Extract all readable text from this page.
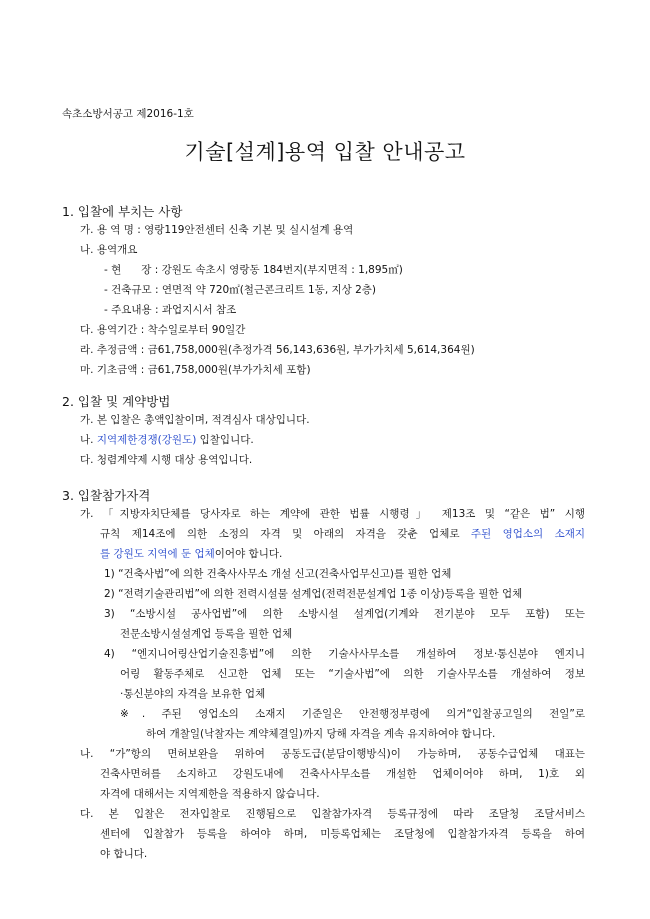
속초소방서공고 제2016-1호
기술[설계]용역 입찰 안내공고
1. 입찰에 부치는 사항
가. 용 역 명 : 영랑119안전센터 신축 기본 및 실시설계 용역
나. 용역개요
- 현      장 : 강원도 속초시 영랑동 184번지(부지면적 : 1,895㎡)
- 건축규모 : 연면적 약 720㎡(철근콘크리트 1동, 지상 2층)
- 주요내용 : 과업지시서 참조
다. 용역기간 : 착수일로부터 90일간
라. 추정금액 : 금61,758,000원(추정가격 56,143,636원, 부가가치세 5,614,364원)
마. 기초금액 : 금61,758,000원(부가가치세 포함)
2. 입찰 및 계약방법
가. 본 입찰은 총액입찰이며, 적격심사 대상입니다.
나. 지역제한경쟁(강원도) 입찰입니다.
다. 청렴계약제 시행 대상 용역입니다.
3. 입찰참가자격
가. 「지방자치단체를 당사자로 하는 계약에 관한 법률 시행령」 제13조 및 “같은 법” 시행
규칙 제14조에 의한 소정의 자격 및 아래의 자격을 갖춘 업체로 주된 영업소의 소재지
를 강원도 지역에 둔 업체이어야 합니다.
1) “건축사법”에 의한 건축사사무소 개설 신고(건축사업무신고)를 필한 업체
2) “전력기술관리법”에 의한 전력시설물 설계업(전력전문설계업 1종 이상)등록을 필한 업체
3) “소방시설 공사업법”에 의한 소방시설 설계업(기계와 전기분야 모두 포함) 또는
전문소방시설설계업 등록을 필한 업체
4) “엔지니어링산업기술진흥법”에 의한 기술사사무소를 개설하여 정보·통신분야 엔지니
어링 활동주체로 신고한 업체 또는 “기술사법”에 의한 기술사무소를 개설하여 정보
·통신분야의 자격을 보유한 업체
※. 주된 영업소의 소재지 기준일은 안전행정부령에 의거“입찰공고일의 전일”로
하여 개찰일(낙찰자는 계약체결일)까지 당해 자격을 계속 유지하여야 합니다.
나. “가”항의 면허보완을 위하여 공동도급(분담이행방식)이 가능하며, 공동수급업체 대표는
건축사면허를 소지하고 강원도내에 건축사사무소를 개설한 업체이어야 하며, 1)호 외
자격에 대해서는 지역제한을 적용하지 않습니다.
다. 본 입찰은 전자입찰로 진행됨으로 입찰참가자격 등록규정에 따라 조달청 조달서비스
센터에 입찰참가 등록을 하여야 하며, 미등록업체는 조달청에 입찰참가자격 등록을 하여
야 합니다.
